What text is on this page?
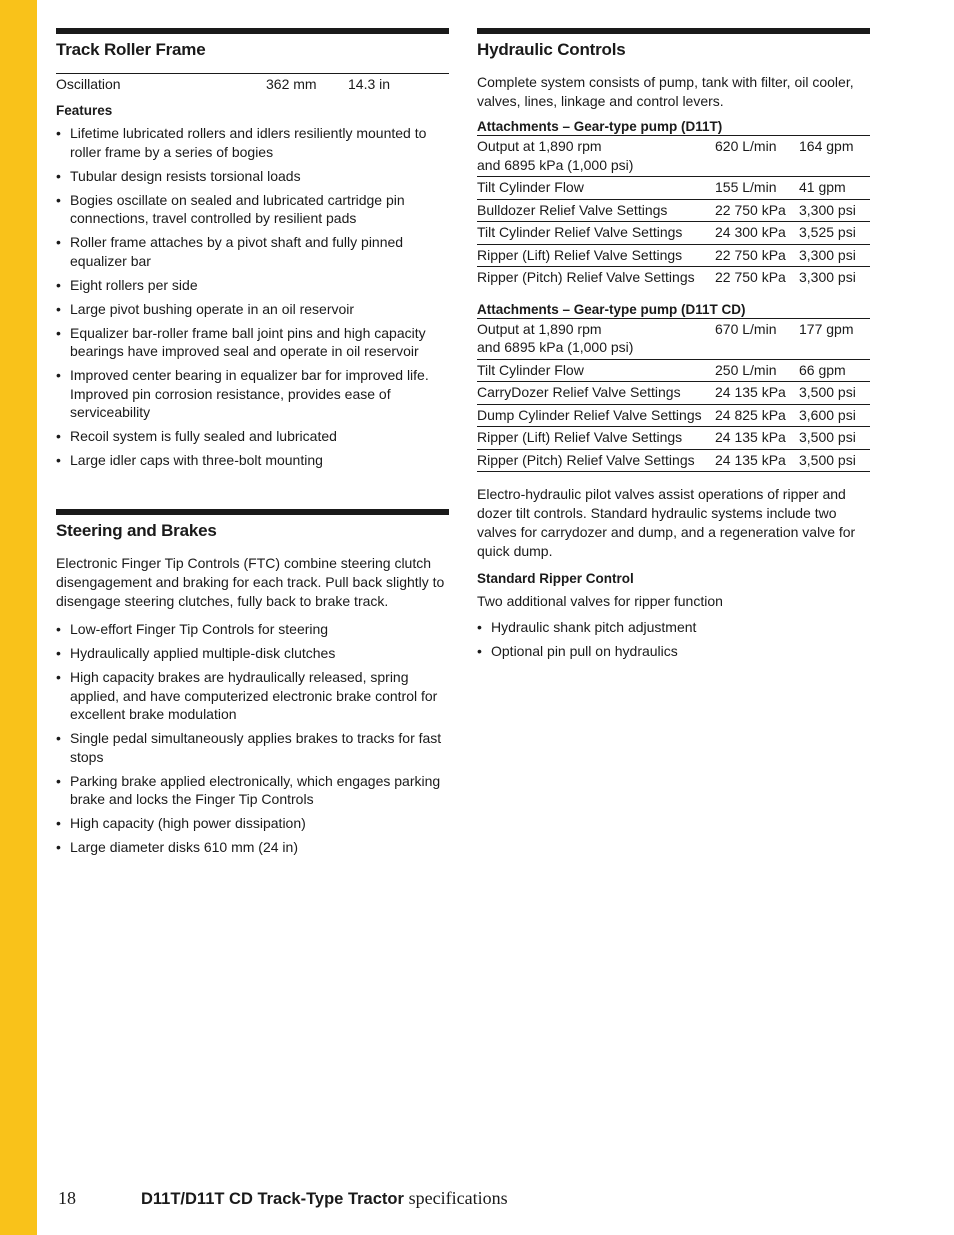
Track Roller Frame
Oscillation	362 mm	14.3 in
Features
• Lifetime lubricated rollers and idlers resiliently mounted to roller frame by a series of bogies
• Tubular design resists torsional loads
• Bogies oscillate on sealed and lubricated cartridge pin connections, travel controlled by resilient pads
• Roller frame attaches by a pivot shaft and fully pinned equalizer bar
• Eight rollers per side
• Large pivot bushing operate in an oil reservoir
• Equalizer bar-roller frame ball joint pins and high capacity bearings have improved seal and operate in oil reservoir
• Improved center bearing in equalizer bar for improved life. Improved pin corrosion resistance, provides ease of serviceability
• Recoil system is fully sealed and lubricated
• Large idler caps with three-bolt mounting
Steering and Brakes

Electronic Finger Tip Controls (FTC) combine steering clutch disengagement and braking for each track. Pull back slightly to disengage steering clutches, fully back to brake track.

• Low-effort Finger Tip Controls for steering
• Hydraulically applied multiple-disk clutches
• High capacity brakes are hydraulically released, spring applied, and have computerized electronic brake control for excellent brake modulation
• Single pedal simultaneously applies brakes to tracks for fast stops
• Parking brake applied electronically, which engages parking brake and locks the Finger Tip Controls
• High capacity (high power dissipation)
• Large diameter disks 610 mm (24 in)
Hydraulic Controls

Complete system consists of pump, tank with filter, oil cooler, valves, lines, linkage and control levers.

Attachments – Gear-type pump (D11T)
Output at 1,890 rpm
and 6895 kPa (1,000 psi)	620 L/min	164 gpm
Tilt Cylinder Flow	155 L/min	41 gpm
Bulldozer Relief Valve Settings	22 750 kPa	3,300 psi
Tilt Cylinder Relief Valve Settings	24 300 kPa	3,525 psi
Ripper (Lift) Relief Valve Settings	22 750 kPa	3,300 psi
Ripper (Pitch) Relief Valve Settings	22 750 kPa	3,300 psi
Attachments – Gear-type pump (D11T CD)
Output at 1,890 rpm
and 6895 kPa (1,000 psi)	670 L/min	177 gpm
Tilt Cylinder Flow	250 L/min	66 gpm
CarryDozer Relief Valve Settings	24 135 kPa	3,500 psi
Dump Cylinder Relief Valve Settings	24 825 kPa	3,600 psi
Ripper (Lift) Relief Valve Settings	24 135 kPa	3,500 psi
Ripper (Pitch) Relief Valve Settings	24 135 kPa	3,500 psi

Electro-hydraulic pilot valves assist operations of ripper and dozer tilt controls. Standard hydraulic systems include two valves for carrydozer and dump, and a regeneration valve for quick dump.

Standard Ripper Control

Two additional valves for ripper function

• Hydraulic shank pitch adjustment
• Optional pin pull on hydraulics
18	D11T/D11T CD Track-Type Tractor specifications
